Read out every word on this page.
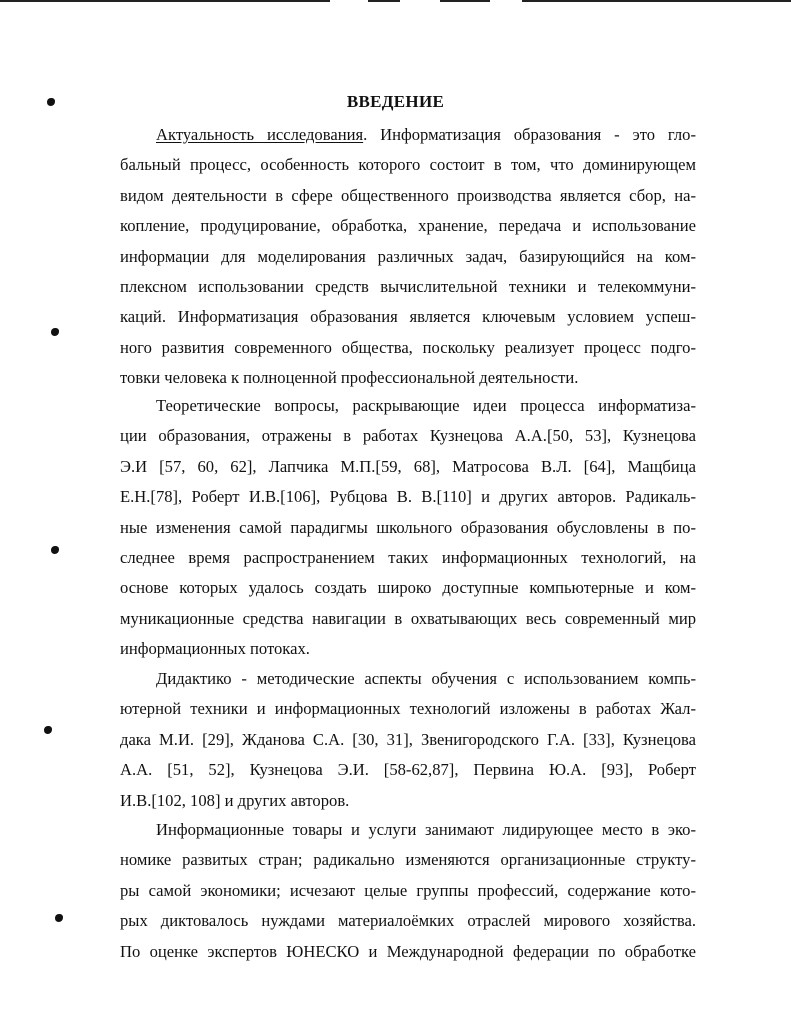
ВВЕДЕНИЕ
Актуальность исследования. Информатизация образования - это гло-
бальный процесс, особенность которого состоит в том, что доминирующем
видом деятельности в сфере общественного производства является сбор, на-
копление, продуцирование, обработка, хранение, передача и использование
информации для моделирования различных задач, базирующийся на ком-
плексном использовании средств вычислительной техники и телекоммуни-
каций. Информатизация образования является ключевым условием успеш-
ного развития современного общества, поскольку реализует процесс подго-
товки человека к полноценной профессиональной деятельности.
Теоретические вопросы, раскрывающие идеи процесса информатиза-
ции образования, отражены в работах Кузнецова А.А.[50, 53], Кузнецова
Э.И [57, 60, 62], Лапчика М.П.[59, 68], Матросова В.Л. [64], Мащбица
Е.Н.[78], Роберт И.В.[106], Рубцова В. В.[110] и других авторов. Радикаль-
ные изменения самой парадигмы школьного образования обусловлены в по-
следнее время распространением таких информационных технологий, на
основе которых удалось создать широко доступные компьютерные и ком-
муникационные средства навигации в охватывающих весь современный мир
информационных потоках.
Дидактико - методические аспекты обучения с использованием компь-
ютерной техники и информационных технологий изложены в работах Жал-
дака М.И. [29], Жданова С.А. [30, 31], Звенигородского Г.А. [33], Кузнецова
А.А. [51, 52], Кузнецова Э.И. [58-62,87], Первина Ю.А. [93], Роберт
И.В.[102, 108] и других авторов.
Информационные товары и услуги занимают лидирующее место в эко-
номике развитых стран; радикально изменяются организационные структу-
ры самой экономики; исчезают целые группы профессий, содержание кото-
рых диктовалось нуждами материалоёмких отраслей мирового хозяйства.
По оценке экспертов ЮНЕСКО и Международной федерации по обработке
